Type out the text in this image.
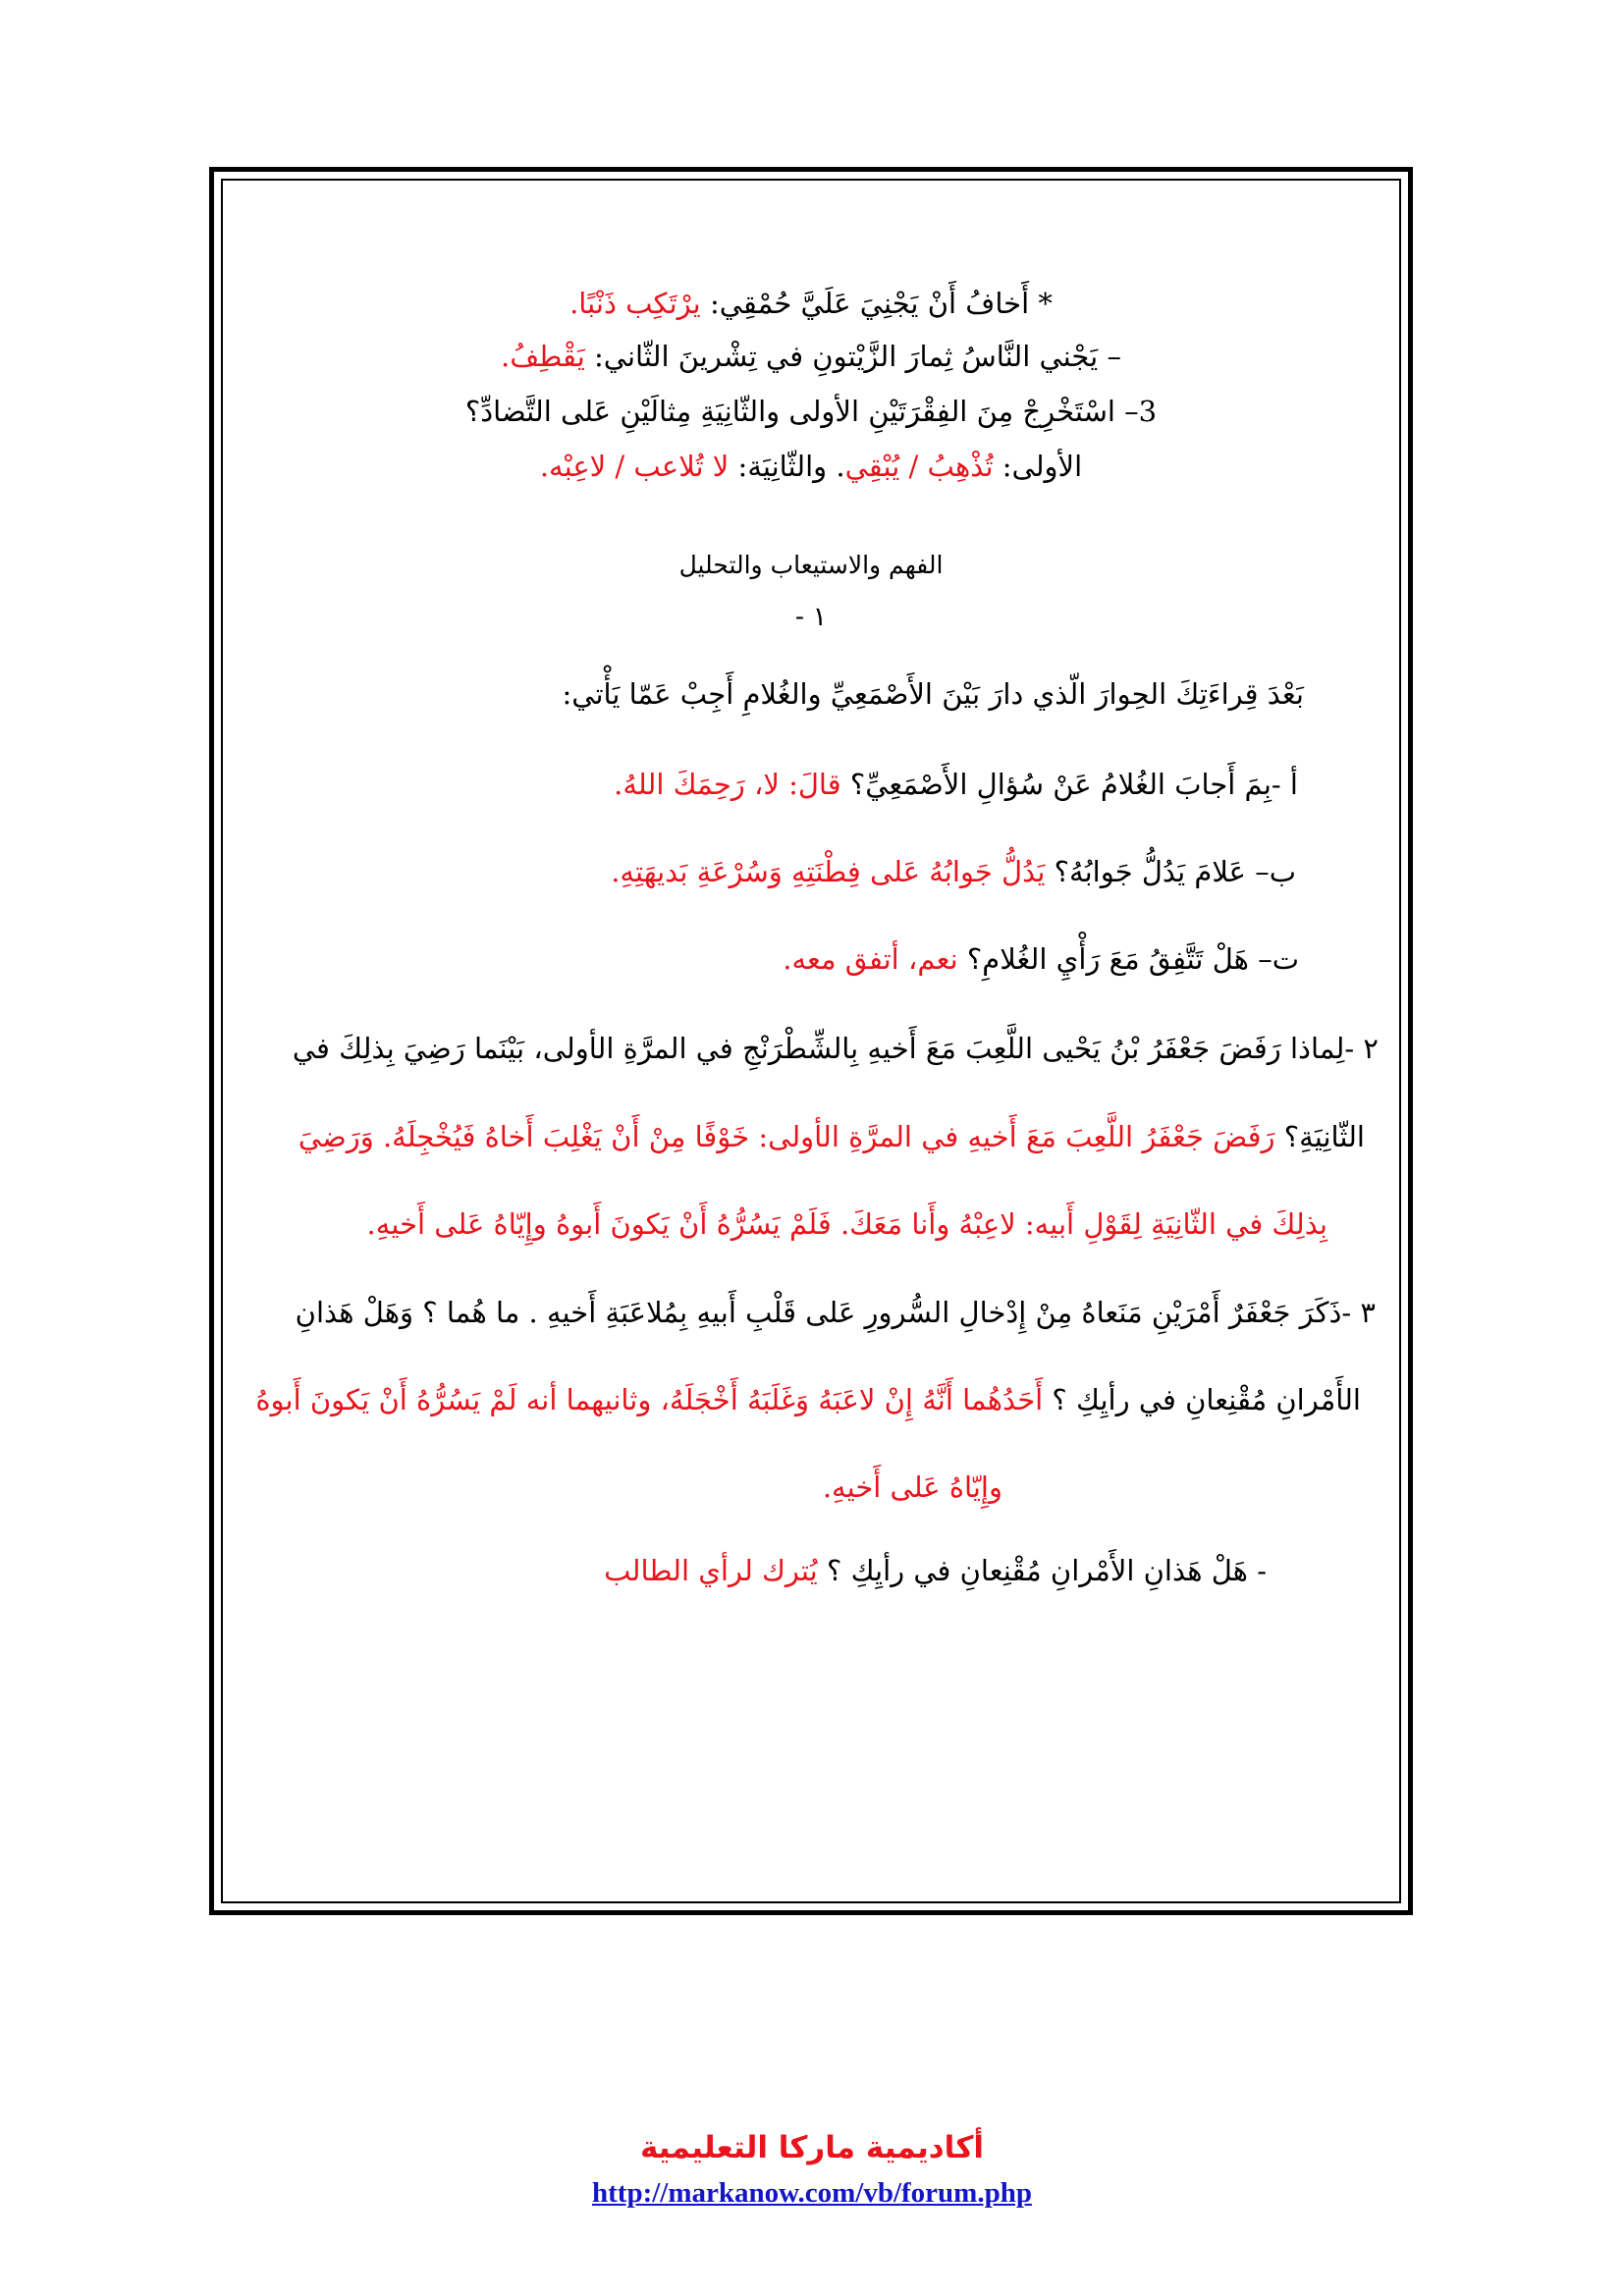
* أَخافُ أَنْ يَجْنِيَ عَلَيَّ حُمْقِي: يرْتَكِب ذَنْبًا.
– يَجْني النَّاسُ ثِمارَ الزَّيْتونِ في تِشْرينَ الثّاني: يَقْطِفُ.
3– اسْتَخْرِجْ مِنَ الفِقْرَتَيْنِ الأولى والثّانِيَةِ مِثالَيْنِ عَلى التَّضادِّ؟
الأولى: تُذْهِبُ / يُبْقِي. والثّانِيَة: لا تُلاعب / لاعِبْه.
الفهم والاستيعاب والتحليل
١ -
بَعْدَ قِراءَتِكَ الحِوارَ الّذي دارَ بَيْنَ الأَصْمَعِيِّ والغُلامِ أَجِبْ عَمّا يَأْتي:
أ -بِمَ أَجابَ الغُلامُ عَنْ سُؤالِ الأَصْمَعِيِّ؟ قالَ: لا، رَحِمَكَ اللهُ.
ب– عَلامَ يَدُلُّ جَوابُهُ؟ يَدُلُّ جَوابُهُ عَلى فِطْنَتِهِ وَسُرْعَةِ بَديهَتِهِ.
ت– هَلْ تَتَّفِقُ مَعَ رَأْيِ الغُلامِ؟ نعم، أتفق معه.
٢ -لِماذا رَفَضَ جَعْفَرُ بْنُ يَحْيى اللَّعِبَ مَعَ أَخيهِ بِالشِّطْرَنْجِ في المرَّةِ الأولى، بَيْنَما رَضِيَ بِذلِكَ في
الثّانِيَةِ؟ رَفَضَ جَعْفَرُ اللَّعِبَ مَعَ أَخيهِ في المرَّةِ الأولى: خَوْفًا مِنْ أَنْ يَغْلِبَ أَخاهُ فَيُخْجِلَهُ. وَرَضِيَ
بِذلِكَ في الثّانِيَةِ لِقَوْلِ أَبيه: لاعِبْهُ وأَنا مَعَكَ. فَلَمْ يَسُرُّهُ أَنْ يَكونَ أَبوهُ وإِيّاهُ عَلى أَخيهِ.
٣ -ذَكَرَ جَعْفَرٌ أَمْرَيْنِ مَنَعاهُ مِنْ إِدْخالِ السُّرورِ عَلى قَلْبِ أَبيهِ بِمُلاعَبَةِ أَخيهِ . ما هُما ؟ وَهَلْ هَذانِ
الأَمْرانِ مُقْنِعانِ في رأيِكِ ؟ أَحَدُهُما أَنَّهُ إِنْ لاعَبَهُ وَغَلَبَهُ أَخْجَلَهُ، وثانيهما أنه لَمْ يَسُرُّهُ أَنْ يَكونَ أَبوهُ
وإِيّاهُ عَلى أَخيهِ.
- هَلْ هَذانِ الأَمْرانِ مُقْنِعانِ في رأيِكِ ؟ يُترك لرأي الطالب
أكاديمية ماركا التعليمية
http://markanow.com/vb/forum.php
